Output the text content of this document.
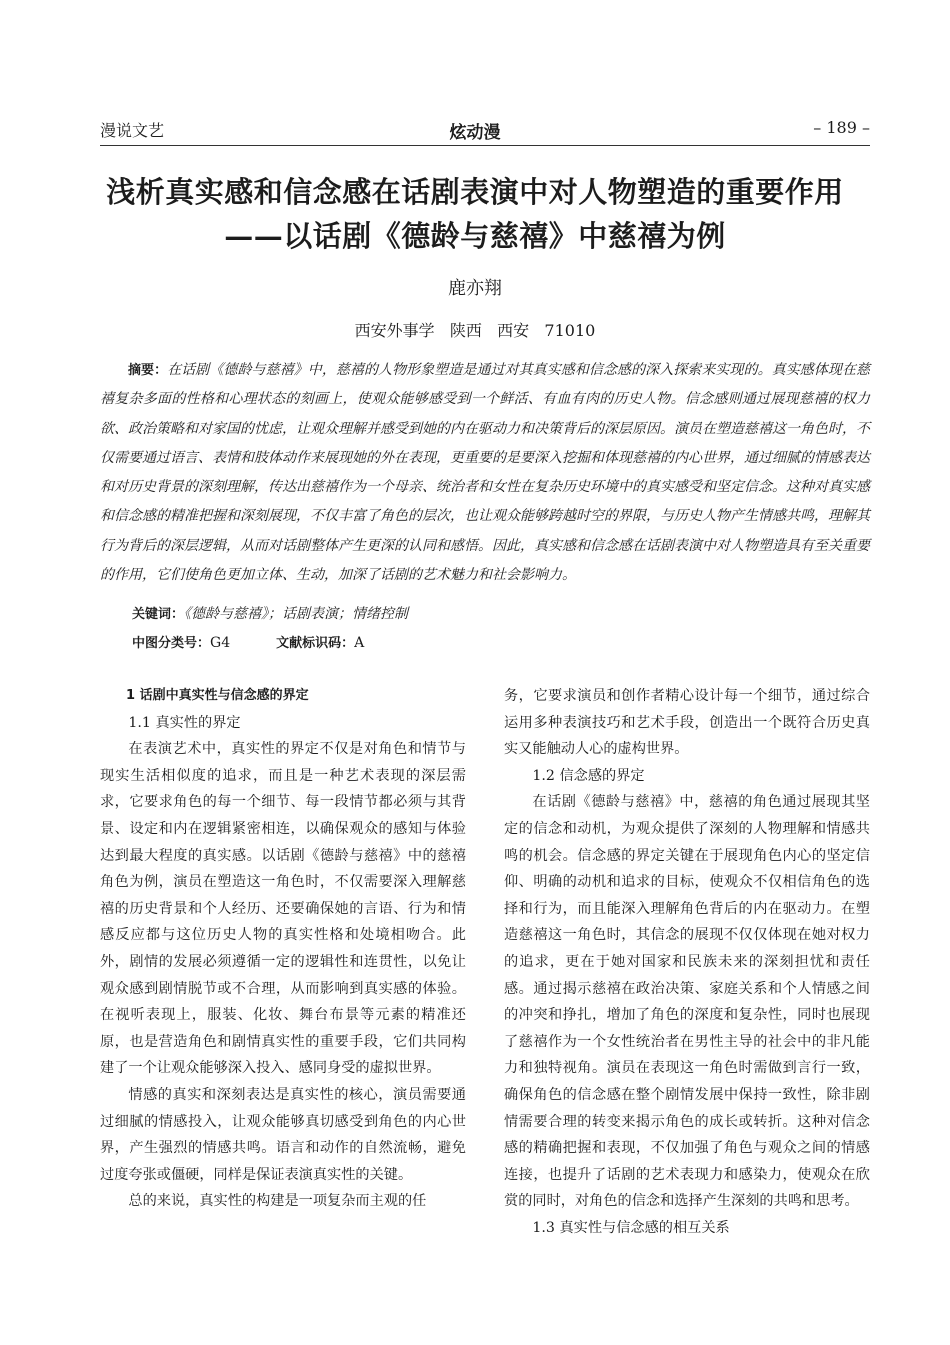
漫说文艺	炫动漫	– 189 –
浅析真实感和信念感在话剧表演中对人物塑造的重要作用
——以话剧《德龄与慈禧》中慈禧为例
鹿亦翔
西安外事学   陕西   西安   71010
摘要：在话剧《德龄与慈禧》中，慈禧的人物形象塑造是通过对其真实感和信念感的深入探索来实现的。真实感体现在慈禧复杂多面的性格和心理状态的刻画上，使观众能够感受到一个鲜活、有血有肉的历史人物。信念感则通过展现慈禧的权力欲、政治策略和对家国的忧虑，让观众理解并感受到她的内在驱动力和决策背后的深层原因。演员在塑造慈禧这一角色时，不仅需要通过语言、表情和肢体动作来展现她的外在表现，更重要的是要深入挖掘和体现慈禧的内心世界，通过细腻的情感表达和对历史背景的深刻理解，传达出慈禧作为一个母亲、统治者和女性在复杂历史环境中的真实感受和坚定信念。这种对真实感和信念感的精准把握和深刻展现，不仅丰富了角色的层次，也让观众能够跨越时空的界限，与历史人物产生情感共鸣，理解其行为背后的深层逻辑，从而对话剧整体产生更深的认同和感悟。因此，真实感和信念感在话剧表演中对人物塑造具有至关重要的作用，它们使角色更加立体、生动，加深了话剧的艺术魅力和社会影响力。
关键词：《德龄与慈禧》；话剧表演；情绪控制
中图分类号：G4	文献标识码：A

1 话剧中真实性与信念感的界定

1.1 真实性的界定

在表演艺术中，真实性的界定不仅是对角色和情节与现实生活相似度的追求，而且是一种艺术表现的深层需求，它要求角色的每一个细节、每一段情节都必须与其背景、设定和内在逻辑紧密相连，以确保观众的感知与体验达到最大程度的真实感。以话剧《德龄与慈禧》中的慈禧角色为例，演员在塑造这一角色时，不仅需要深入理解慈禧的历史背景和个人经历、还要确保她的言语、行为和情感反应都与这位历史人物的真实性格和处境相吻合。此外，剧情的发展必须遵循一定的逻辑性和连贯性，以免让观众感到剧情脱节或不合理，从而影响到真实感的体验。在视听表现上，服装、化妆、舞台布景等元素的精准还原，也是营造角色和剧情真实性的重要手段，它们共同构建了一个让观众能够深入投入、感同身受的虚拟世界。

情感的真实和深刻表达是真实性的核心，演员需要通过细腻的情感投入，让观众能够真切感受到角色的内心世界，产生强烈的情感共鸣。语言和动作的自然流畅，避免过度夸张或僵硬，同样是保证表演真实性的关键。

总的来说，真实性的构建是一项复杂而主观的任

务，它要求演员和创作者精心设计每一个细节，通过综合运用多种表演技巧和艺术手段，创造出一个既符合历史真实又能触动人心的虚构世界。

1.2 信念感的界定

在话剧《德龄与慈禧》中，慈禧的角色通过展现其坚定的信念和动机，为观众提供了深刻的人物理解和情感共鸣的机会。信念感的界定关键在于展现角色内心的坚定信仰、明确的动机和追求的目标，使观众不仅相信角色的选择和行为，而且能深入理解角色背后的内在驱动力。在塑造慈禧这一角色时，其信念的展现不仅仅体现在她对权力的追求，更在于她对国家和民族未来的深刻担忧和责任感。通过揭示慈禧在政治决策、家庭关系和个人情感之间的冲突和挣扎，增加了角色的深度和复杂性，同时也展现了慈禧作为一个女性统治者在男性主导的社会中的非凡能力和独特视角。演员在表现这一角色时需做到言行一致，确保角色的信念感在整个剧情发展中保持一致性，除非剧情需要合理的转变来揭示角色的成长或转折。这种对信念感的精确把握和表现，不仅加强了角色与观众之间的情感连接，也提升了话剧的艺术表现力和感染力，使观众在欣赏的同时，对角色的信念和选择产生深刻的共鸣和思考。

1.3 真实性与信念感的相互关系
